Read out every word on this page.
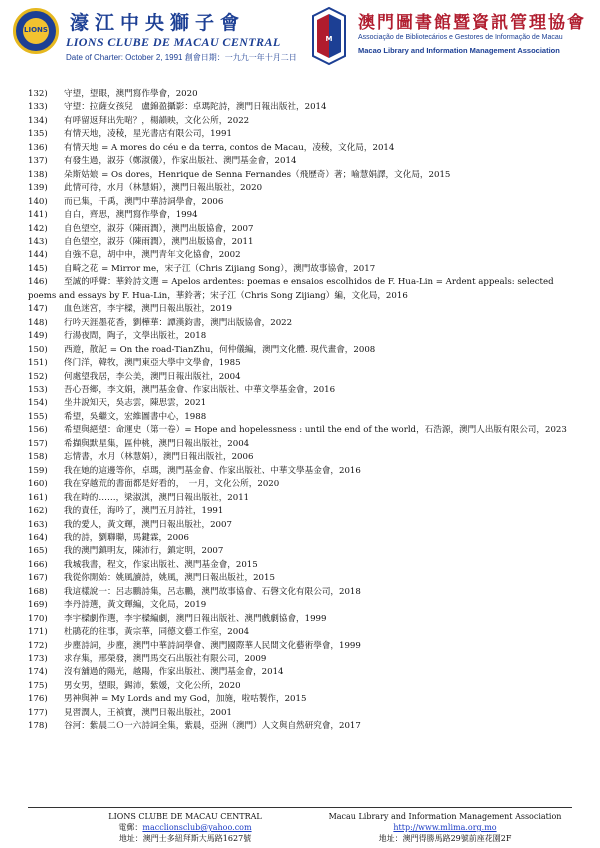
LIONS	濠江中央獅子會
LIONS CLUBE DE MACAU CENTRAL
Date of Charter: October 2, 1991 創會日期：一九九一年十月二日
M
澳門圖書館暨資訊管理協會
Associação de Bibliotecários e Gestores de Informação de Macau
Macao Library and Information Management Association
132)	守望，望眼，澳門寫作學會，2020
133)	守望：拉薩女孩兒　盧錦盈攝影：卓瑪陀詩，澳門日報出版社，2014
134)	有呼留返拜出先啱？，楊韻映，文化公所，2022
135)	有情天地，凌稜，星光書店有限公司，1991
136)	有情天地 = A mores do céu e da terra, contos de Macau，凌稜，文化局，2014
137)	有發生過，淑芬（鄭淑儀），作家出版社、澳門基金會，2014
138)	朵斯姑娘 = Os dores，Henrique de Senna Fernandes（飛歷奇）著；喻慧娟譯，文化局，2015
139)	此情可待，水月（林慧娟），澳門日報出版社，2020
140)	而已集，千禹，澳門中華詩詞學會，2006
141)	自白，齊思，澳門寫作學會，1994
142)	自色望空，淑芬（陳雨潤），澳門出版協會，2007
143)	自色望空，淑芬（陳雨潤），澳門出版協會，2011
144)	自強不息，胡中申，澳門青年文化協會，2002
145)	自畸之花 = Mirror me，宋子江（Chris Zijiang Song），澳門故事協會，2017
146)	至誠的呼聲：華鈴詩文選 = Apelos ardentes: poemas e ensaios escolhidos de F. Hua-Lin = Ardent appeals: selected poems and essays by F. Hua-Lin，華鈴著；宋子江（Chris Song Zijiang）編，文化局，2016
147)	血色迷宮，李宇樑，澳門日報出版社，2019
148)	行吟天涯墨花香，劉樺華：譚漢鈞書，澳門出版協會，2022
149)	行湯夜間，陶子，文學出版社，2018
150)	西遊，散記 = On the road-TianZhu，何仲儀編，澳門文化體. 現代畫會，2008
151)	佟门洋，韓牧，澳門東亞大學中文學會，1985
152)	何處望我居，李公美，澳門日報出版社，2004
153)	吾心吾鄉，李文娟，澳門基金會、作家出版社、中華文學基金會，2016
154)	坐井說知天，吳志雲，陳思雲，2021
155)	希望，吳繼文，宏維圖書中心，1988
156)	希望與絕望：命運史（第一卷）= Hope and hopelessness : until the end of the world，石浩源，澳門人出版有限公司，2023
157)	希擷與默星集，區仲桃，澳門日報出版社，2004
158)	忘情書，水月（林慧娟），澳門日報出版社，2006
159)	我在她的這邊等你，卓瑪，澳門基金會、作家出版社、中華文學基金會，2016
160)	我在穿越荒的書面都是好看的，　一月，文化公所，2020
161)	我在時的……，梁淑淇，澳門日報出版社，2011
162)	我的責任，海吟了，澳門五月詩社，1991
163)	我的愛人，黃文輝，澳門日報出版社，2007
164)	我的詩，劉聯聯，馬鍵霖，2006
165)	我的澳門鎮明友，陳沛行，鎮定明，2007
166)	我城我書，程文，作家出版社、澳門基金會，2015
167)	我從你開始：姚風讀詩，姚風，澳門日報出版社，2015
168)	我這樣說一：呂志鵬詩集，呂志鵬，澳門故事協會、石磬文化有限公司，2018
169)	李丹詩選，黃文輝編，文化局，2019
170)	李宇樑劇作選，李宇樑編劇，澳門日報出版社、澳門戲劇協會，1999
171)	杜鵑花的往事，黃宗華，同德文藝工作室，2004
172)	步塵詩詞，步塵，澳門中華詩詞學會、澳門國際華人民間文化藝術學會，1999
173)	求存集，邢榮發，澳門馬交石出版社有限公司，2009
174)	沒有舖過的陽光，越陽，作家出版社、澳門基金會，2014
175)	男女男，望眼，錫沛，紫媛，文化公所，2020
176)	男神與神 = My Lords and my God，加施，啦咕製作，2015
177)	見習潤人，王禎寶，澳門日報出版社，2001
178)	谷河：紫晨二Ｏ一六詩詞全集，紫晨，亞洲（澳門）人文與自然研究會，2017
LIONS CLUBE DE MACAU CENTRAL
電郵：macclionsclub@yahoo.com
地址：澳門士多紐拜斯大馬路1627號
Macau Library and Information Management Association
http://www.mlima.org.mo
地址：澳門得勝馬路29號前座花園2F
